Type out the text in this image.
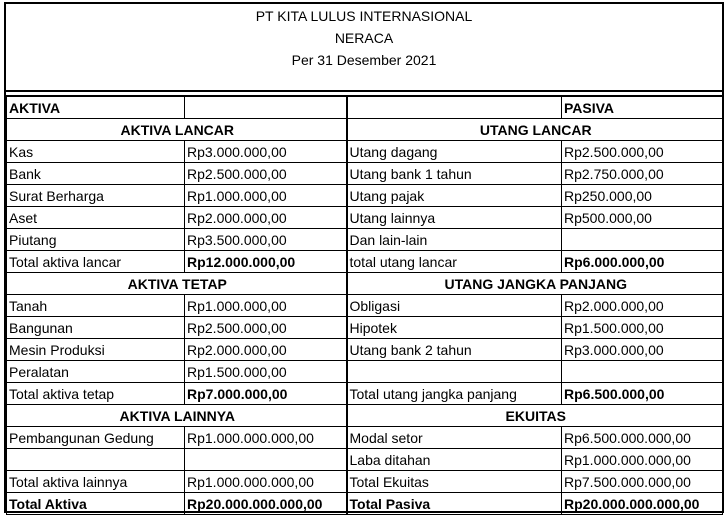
PT KITA LULUS INTERNASIONAL
NERACA
Per 31 Desember 2021
AKTIVA			PASIVA
AKTIVA LANCAR		UTANG LANCAR	
Kas	Rp3.000.000,00	Utang dagang	Rp2.500.000,00
Bank	Rp2.500.000,00	Utang bank 1 tahun	Rp2.750.000,00
Surat Berharga	Rp1.000.000,00	Utang pajak	Rp250.000,00
Aset	Rp2.000.000,00	Utang lainnya	Rp500.000,00
Piutang	Rp3.500.000,00	Dan lain-lain	
Total aktiva lancar	Rp12.000.000,00	total utang lancar	Rp6.000.000,00
AKTIVA TETAP		UTANG JANGKA PANJANG	
Tanah	Rp1.000.000,00	Obligasi	Rp2.000.000,00
Bangunan	Rp2.500.000,00	Hipotek	Rp1.500.000,00
Mesin Produksi	Rp2.000.000,00	Utang bank 2 tahun	Rp3.000.000,00
Peralatan	Rp1.500.000,00		
Total aktiva tetap	Rp7.000.000,00	Total utang jangka panjang	Rp6.500.000,00
AKTIVA LAINNYA		EKUITAS	
Pembangunan Gedung	Rp1.000.000.000,00	Modal setor	Rp6.500.000.000,00
		Laba ditahan	Rp1.000.000.000,00
Total aktiva lainnya	Rp1.000.000.000,00	Total Ekuitas	Rp7.500.000.000,00
Total Aktiva	Rp20.000.000.000,00	Total Pasiva	Rp20.000.000.000,00
